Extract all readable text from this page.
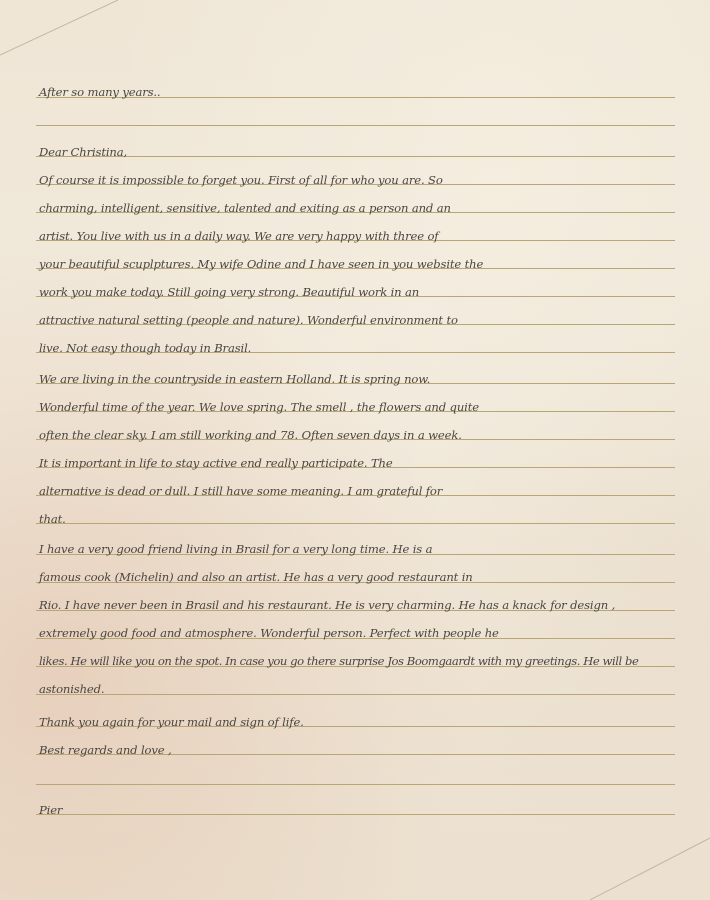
After so many years..
Dear Christina,
Of course it is impossible to forget you. First of all for who you are. So
charming, intelligent, sensitive, talented and exiting as a person and an
artist. You live with us in a daily way. We are very happy with three of
your beautiful scuplptures. My wife Odine and I have seen in you website the
work you make today. Still going very strong. Beautiful work in an
attractive natural setting (people and nature). Wonderful environment to
live. Not easy though today in Brasil.
We are living in the countryside in eastern Holland. It is spring now.
Wonderful time of the year. We love spring. The smell , the flowers and quite
often the clear sky. I am still working and 78. Often seven days in a week.
It is important in life to stay active end really participate. The
alternative is dead or dull. I still have some meaning. I am grateful for
that.
I have a very good friend living in Brasil for a very long time. He is a
famous cook (Michelin) and also an artist. He has a very good restaurant in
Rio. I have never been in Brasil and his restaurant. He is very charming. He has a knack for design ,
extremely good food and atmosphere. Wonderful person. Perfect with people he
likes. He will like you on the spot. In case you go there surprise Jos Boomgaardt with my greetings. He will be
astonished.
Thank you again for your mail and sign of life.
Best regards and love ,
Pier
